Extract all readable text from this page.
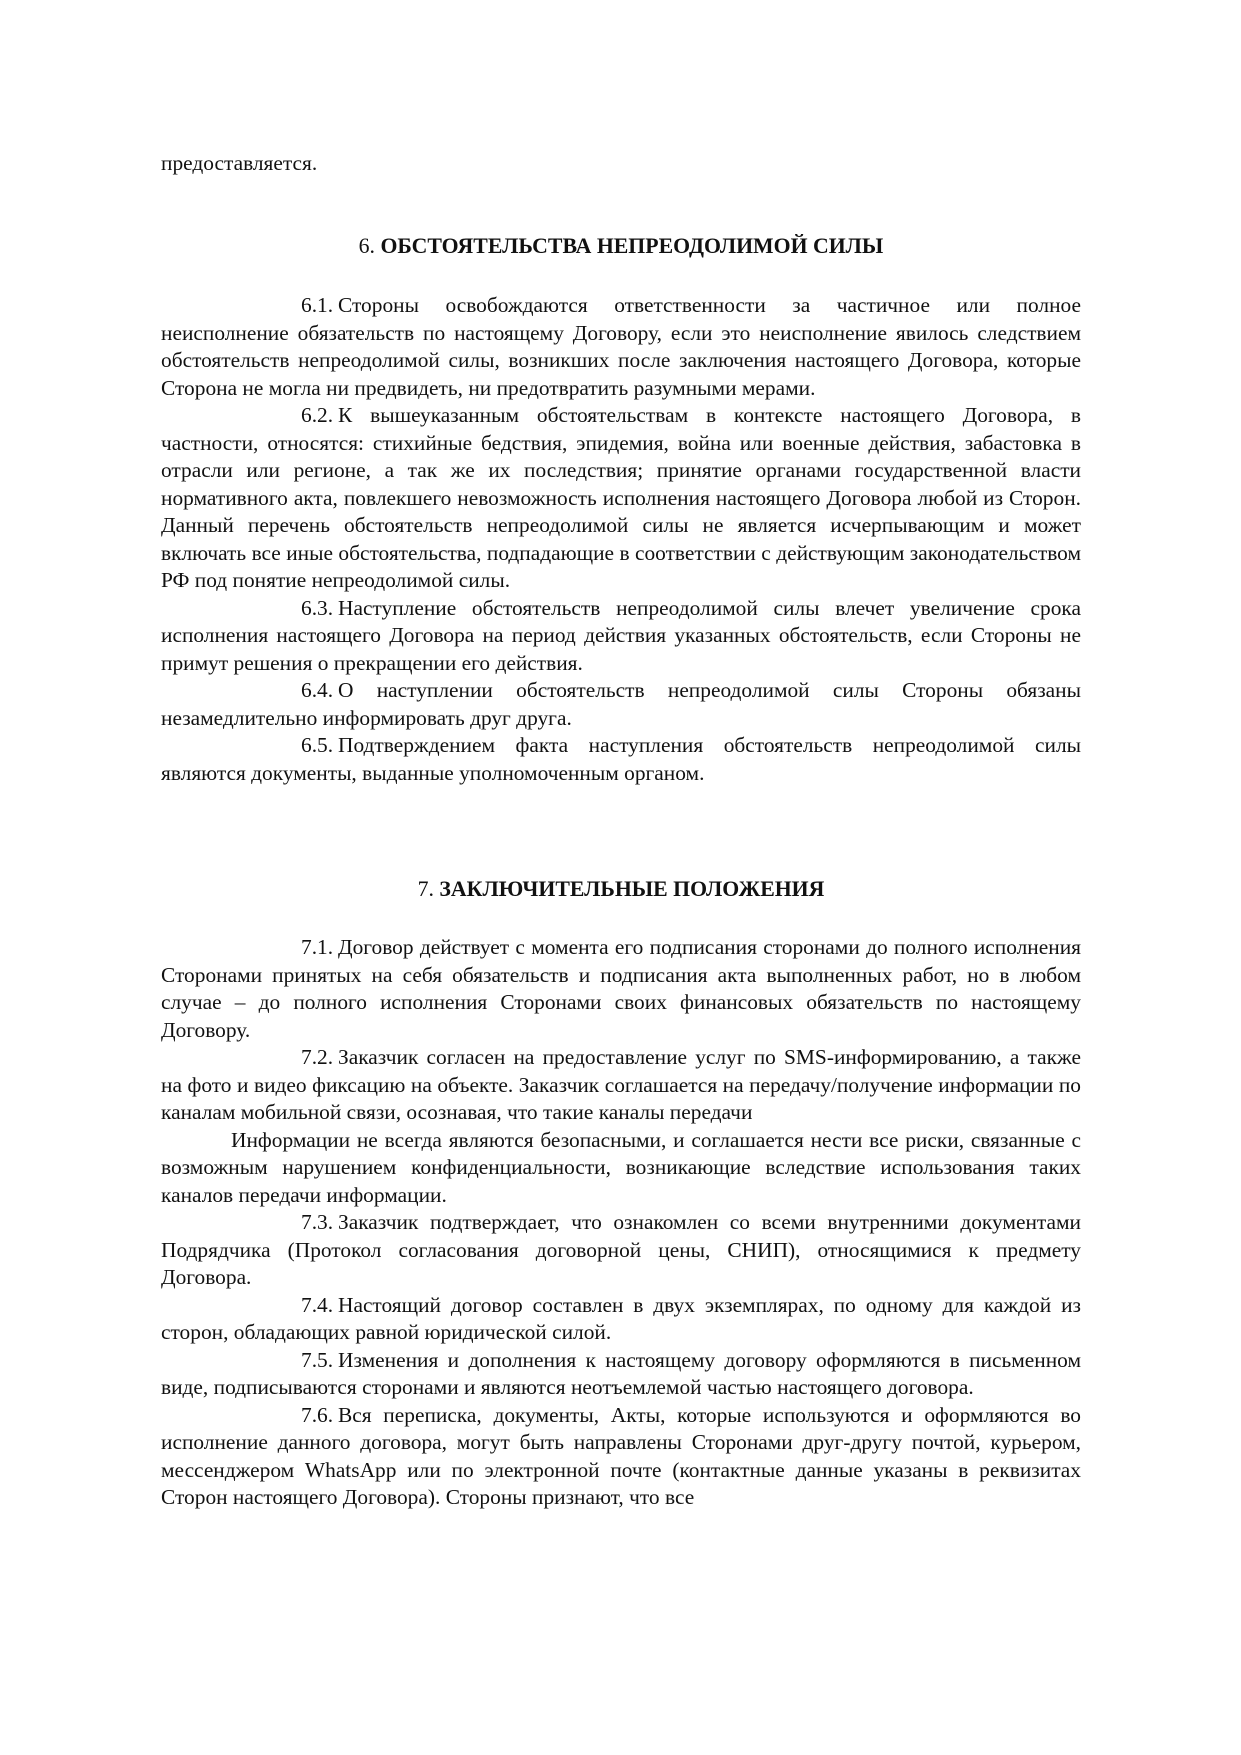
предоставляется.

6. ОБСТОЯТЕЛЬСТВА НЕПРЕОДОЛИМОЙ СИЛЫ

6.1. Стороны освобождаются ответственности за частичное или полное неисполнение обязательств по настоящему Договору, если это неисполнение явилось следствием обстоятельств непреодолимой силы, возникших после заключения настоящего Договора, которые Сторона не могла ни предвидеть, ни предотвратить разумными мерами.

6.2. К вышеуказанным обстоятельствам в контексте настоящего Договора, в частности, относятся: стихийные бедствия, эпидемия, война или военные действия, забастовка в отрасли или регионе, а так же их последствия; принятие органами государственной власти нормативного акта, повлекшего невозможность исполнения настоящего Договора любой из Сторон. Данный перечень обстоятельств непреодолимой силы не является исчерпывающим и может включать все иные обстоятельства, подпадающие в соответствии с действующим законодательством РФ под понятие непреодолимой силы.

6.3. Наступление обстоятельств непреодолимой силы влечет увеличение срока исполнения настоящего Договора на период действия указанных обстоятельств, если Стороны не примут решения о прекращении его действия.

6.4. О наступлении обстоятельств непреодолимой силы Стороны обязаны незамедлительно информировать друг друга.

6.5. Подтверждением факта наступления обстоятельств непреодолимой силы являются документы, выданные уполномоченным органом.

7. ЗАКЛЮЧИТЕЛЬНЫЕ ПОЛОЖЕНИЯ

7.1. Договор действует с момента его подписания сторонами до полного исполнения Сторонами принятых на себя обязательств и подписания акта выполненных работ, но в любом случае – до полного исполнения Сторонами своих финансовых обязательств по настоящему Договору.

7.2. Заказчик согласен на предоставление услуг по SMS-информированию, а также на фото и видео фиксацию на объекте. Заказчик соглашается на передачу/получение информации по каналам мобильной связи, осознавая, что такие каналы передачи

Информации не всегда являются безопасными, и соглашается нести все риски, связанные с возможным нарушением конфиденциальности, возникающие вследствие использования таких каналов передачи информации.

7.3. Заказчик подтверждает, что ознакомлен со всеми внутренними документами Подрядчика (Протокол согласования договорной цены, СНИП), относящимися к предмету Договора.

7.4. Настоящий договор составлен в двух экземплярах, по одному для каждой из сторон, обладающих равной юридической силой.

7.5. Изменения и дополнения к настоящему договору оформляются в письменном виде, подписываются сторонами и являются неотъемлемой частью настоящего договора.

7.6. Вся переписка, документы, Акты, которые используются и оформляются во исполнение данного договора, могут быть направлены Сторонами друг-другу почтой, курьером, мессенджером WhatsApp или по электронной почте (контактные данные указаны в реквизитах Сторон настоящего Договора). Стороны признают, что все
